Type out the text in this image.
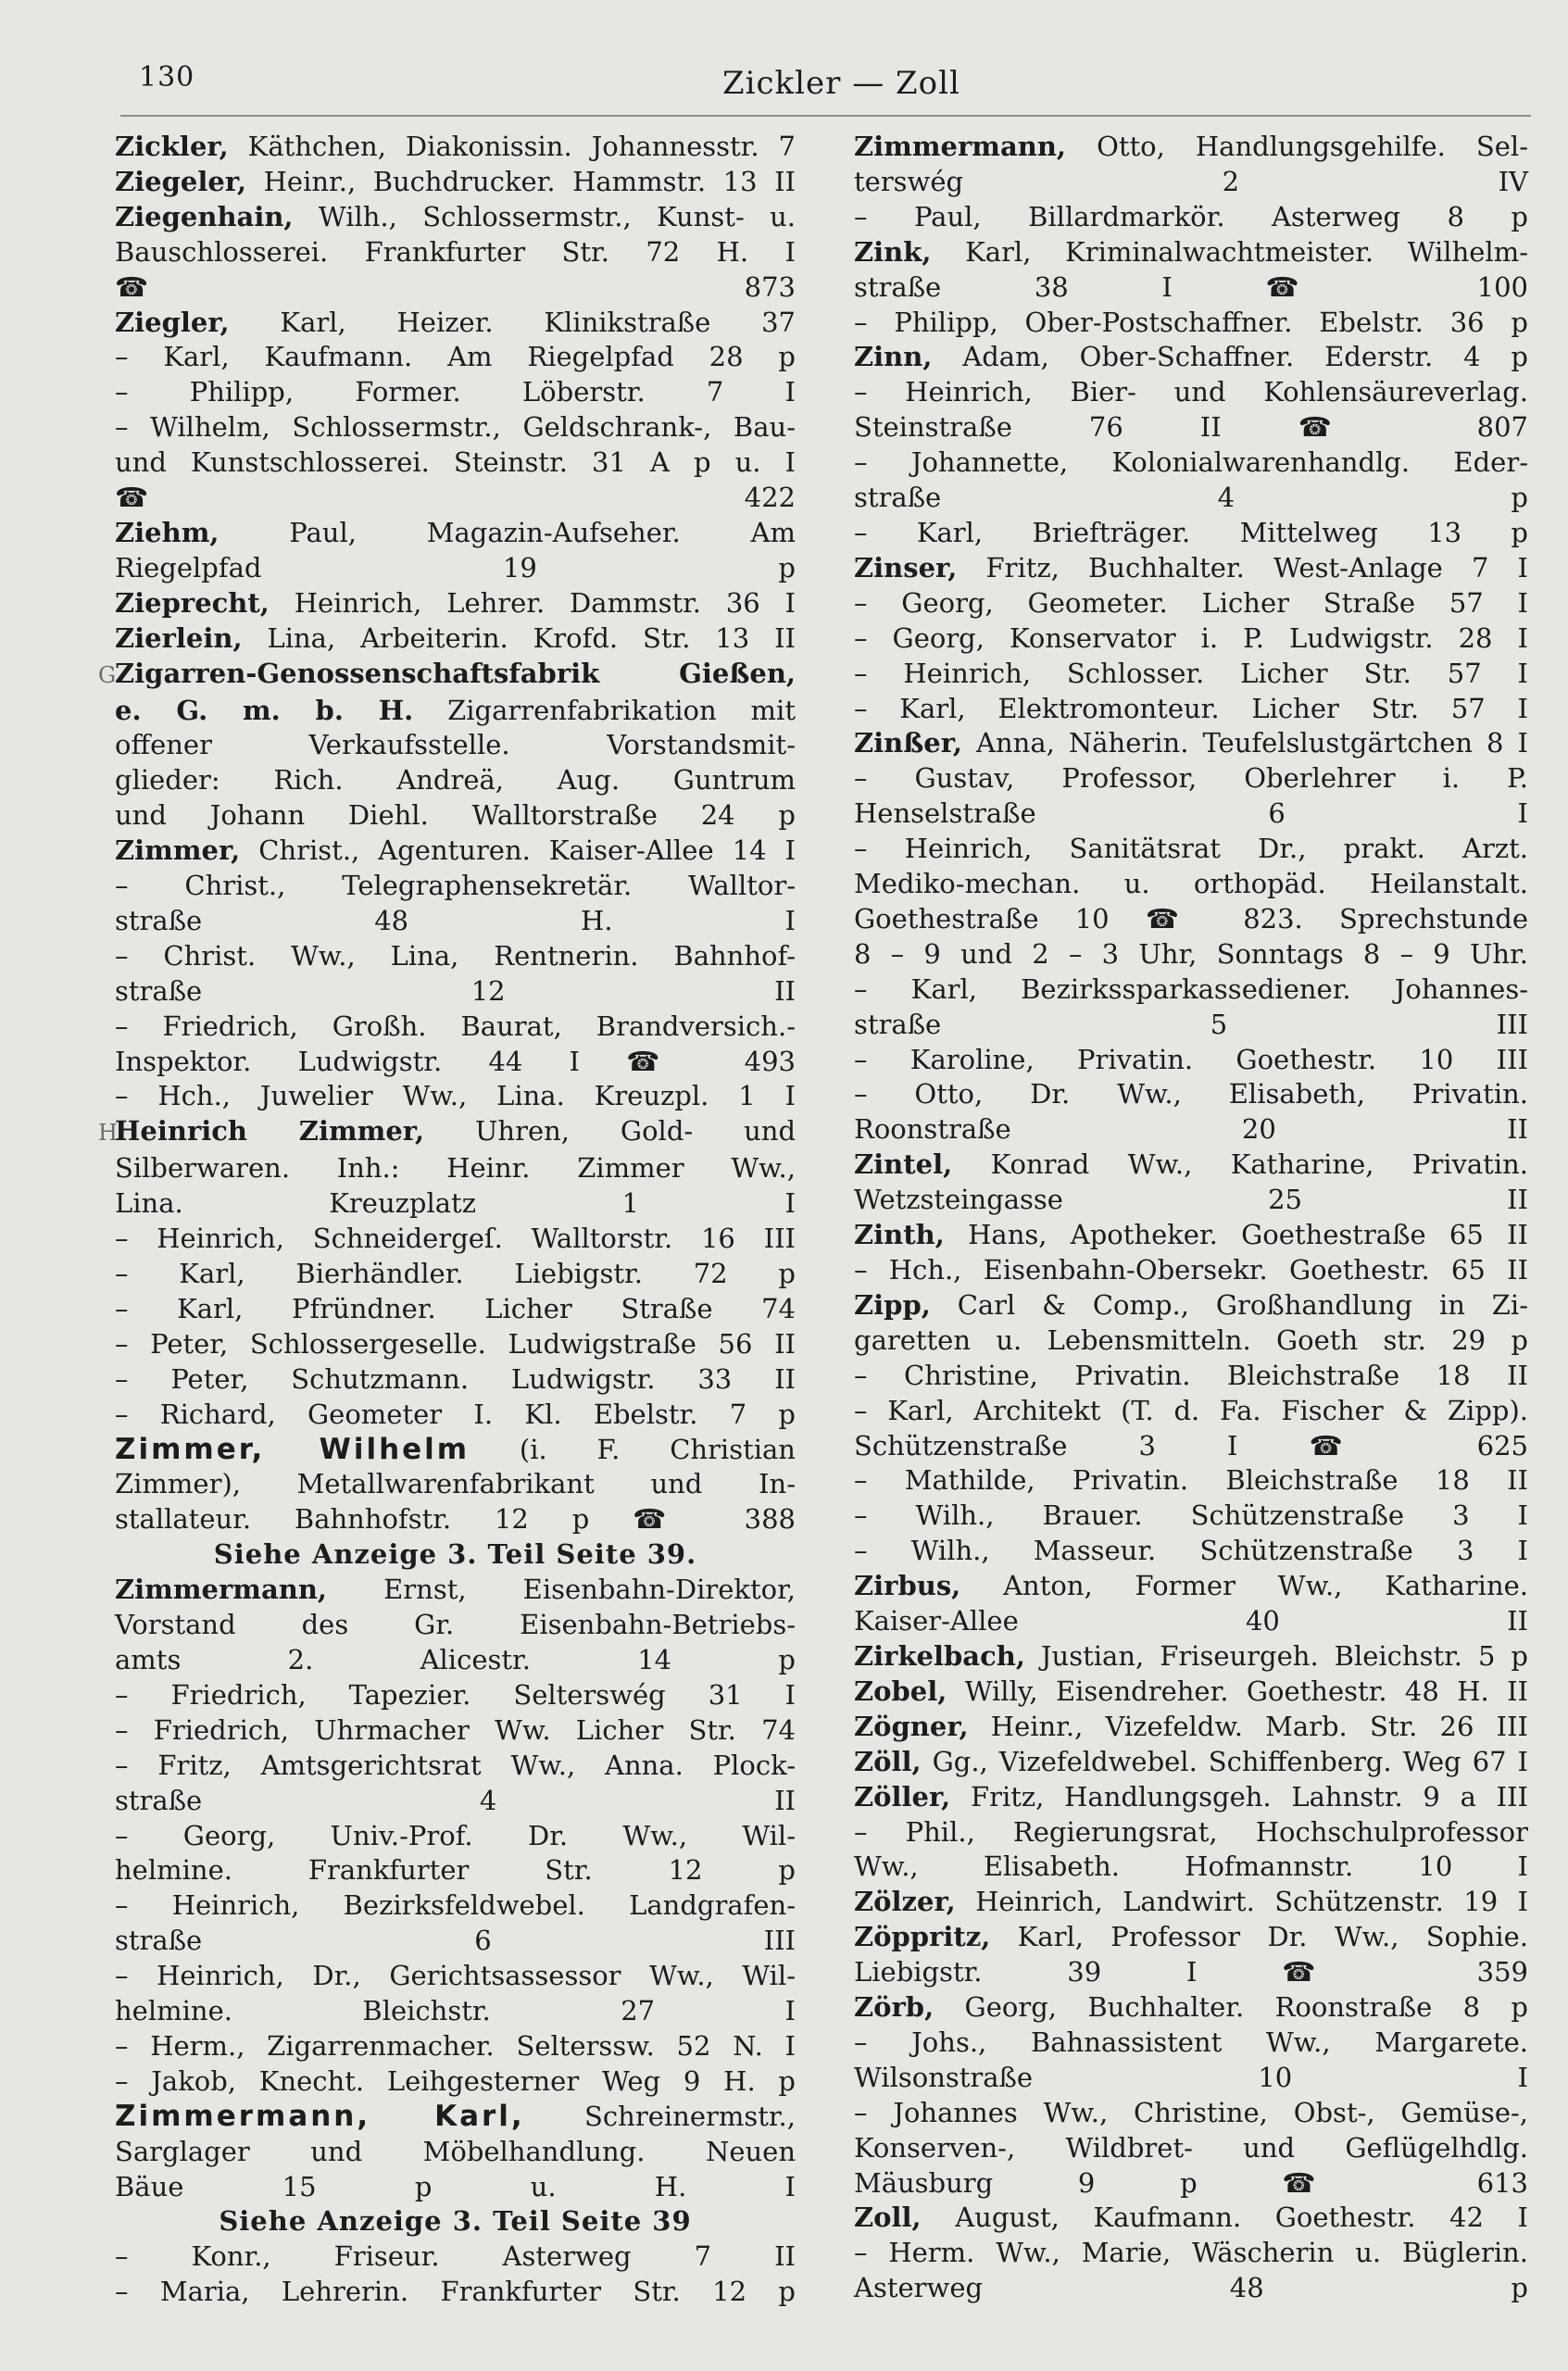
130	Zickler — Zoll
Zickler, Käthchen, Diakonissin. Johannesstr. 7
Ziegeler, Heinr., Buchdrucker. Hammstr. 13 II
Ziegenhain, Wilh., Schlossermstr., Kunst- u.
Bauschlosserei. Frankfurter Str. 72 H. I
☎ 873
Ziegler, Karl, Heizer. Klinikstraße 37
– Karl, Kaufmann. Am Riegelpfad 28 p
– Philipp, Former. Löberstr. 7 I
– Wilhelm, Schlossermstr., Geldschrank-, Bau-
und Kunstschlosserei. Steinstr. 31 A p u. I
☎ 422
Ziehm, Paul, Magazin-Aufseher. Am
Riegelpfad 19 p
Zieprecht, Heinrich, Lehrer. Dammstr. 36 I
Zierlein, Lina, Arbeiterin. Krofd. Str. 13 II
GZigarren-Genossenschaftsfabrik Gießen,
e. G. m. b. H. Zigarrenfabrikation mit
offener Verkaufsstelle. Vorstandsmit-
glieder: Rich. Andreä, Aug. Guntrum
und Johann Diehl. Walltorstraße 24 p
Zimmer, Christ., Agenturen. Kaiser-Allee 14 I
– Christ., Telegraphensekretär. Walltor-
straße 48 H. I
– Christ. Ww., Lina, Rentnerin. Bahnhof-
straße 12 II
– Friedrich, Großh. Baurat, Brandversich.-
Inspektor. Ludwigstr. 44 I ☎ 493
– Hch., Juwelier Ww., Lina. Kreuzpl. 1 I
HHeinrich Zimmer, Uhren, Gold- und
Silberwaren. Inh.: Heinr. Zimmer Ww.,
Lina. Kreuzplatz 1 I
– Heinrich, Schneidergeſ. Walltorstr. 16 III
– Karl, Bierhändler. Liebigstr. 72 p
– Karl, Pfründner. Licher Straße 74
– Peter, Schlossergeselle. Ludwigstraße 56 II
– Peter, Schutzmann. Ludwigstr. 33 II
– Richard, Geometer I. Kl. Ebelstr. 7 p
Zimmer, Wilhelm (i. F. Christian
Zimmer), Metallwarenfabrikant und In-
stallateur. Bahnhofstr. 12 p ☎ 388
Siehe Anzeige 3. Teil Seite 39.
Zimmermann, Ernst, Eisenbahn-Direktor,
Vorstand des Gr. Eisenbahn-Betriebs-
amts 2. Alicestr. 14 p
– Friedrich, Tapezier. Selterswég 31 I
– Friedrich, Uhrmacher Ww. Licher Str. 74
– Fritz, Amtsgerichtsrat Ww., Anna. Plock-
straße 4 II
– Georg, Univ.-Prof. Dr. Ww., Wil-
helmine. Frankfurter Str. 12 p
– Heinrich, Bezirksfeldwebel. Landgrafen-
straße 6 III
– Heinrich, Dr., Gerichtsassessor Ww., Wil-
helmine. Bleichstr. 27 I
– Herm., Zigarrenmacher. Selterssw. 52 N. I
– Jakob, Knecht. Leihgesterner Weg 9 H. p
Zimmermann, Karl, Schreinermstr.,
Sarglager und Möbelhandlung. Neuen
Bäue 15 p u. H. I
Siehe Anzeige 3. Teil Seite 39
– Konr., Friseur. Asterweg 7 II
– Maria, Lehrerin. Frankfurter Str. 12 p
Zimmermann, Otto, Handlungsgehilfe. Sel-
terswég 2 IV
– Paul, Billardmarkör. Asterweg 8 p
Zink, Karl, Kriminalwachtmeister. Wilhelm-
straße 38 I ☎ 100
– Philipp, Ober-Postschaffner. Ebelstr. 36 p
Zinn, Adam, Ober-Schaffner. Ederstr. 4 p
– Heinrich, Bier- und Kohlensäureverlag.
Steinstraße 76 II ☎ 807
– Johannette, Kolonialwarenhandlg. Eder-
straße 4 p
– Karl, Briefträger. Mittelweg 13 p
Zinser, Fritz, Buchhalter. West-Anlage 7 I
– Georg, Geometer. Licher Straße 57 I
– Georg, Konservator i. P. Ludwigstr. 28 I
– Heinrich, Schlosser. Licher Str. 57 I
– Karl, Elektromonteur. Licher Str. 57 I
Zinßer, Anna, Näherin. Teufelslustgärtchen 8 I
– Gustav, Professor, Oberlehrer i. P.
Henselstraße 6 I
– Heinrich, Sanitätsrat Dr., prakt. Arzt.
Mediko-mechan. u. orthopäd. Heilanstalt.
Goethestraße 10 ☎ 823. Sprechstunde
8 – 9 und 2 – 3 Uhr, Sonntags 8 – 9 Uhr.
– Karl, Bezirkssparkassediener. Johannes-
straße 5 III
– Karoline, Privatin. Goethestr. 10 III
– Otto, Dr. Ww., Elisabeth, Privatin.
Roonstraße 20 II
Zintel, Konrad Ww., Katharine, Privatin.
Wetzsteingasse 25 II
Zinth, Hans, Apotheker. Goethestraße 65 II
– Hch., Eisenbahn-Obersekr. Goethestr. 65 II
Zipp, Carl & Comp., Großhandlung in Zi-
garetten u. Lebensmitteln. Goeth str. 29 p
– Christine, Privatin. Bleichstraße 18 II
– Karl, Architekt (T. d. Fa. Fischer & Zipp).
Schützenstraße 3 I ☎ 625
– Mathilde, Privatin. Bleichstraße 18 II
– Wilh., Brauer. Schützenstraße 3 I
– Wilh., Masseur. Schützenstraße 3 I
Zirbus, Anton, Former Ww., Katharine.
Kaiser-Allee 40 II
Zirkelbach, Justian, Friseurgeh. Bleichstr. 5 p
Zobel, Willy, Eisendreher. Goethestr. 48 H. II
Zögner, Heinr., Vizefeldw. Marb. Str. 26 III
Zöll, Gg., Vizefeldwebel. Schiffenberg. Weg 67 I
Zöller, Fritz, Handlungsgeh. Lahnstr. 9 a III
– Phil., Regierungsrat, Hochschulprofessor
Ww., Elisabeth. Hofmannstr. 10 I
Zölzer, Heinrich, Landwirt. Schützenstr. 19 I
Zöppritz, Karl, Professor Dr. Ww., Sophie.
Liebigstr. 39 I ☎ 359
Zörb, Georg, Buchhalter. Roonstraße 8 p
– Johs., Bahnassistent Ww., Margarete.
Wilsonstraße 10 I
– Johannes Ww., Christine, Obst-, Gemüse-,
Konserven-, Wildbret- und Geflügelhdlg.
Mäusburg 9 p ☎ 613
Zoll, August, Kaufmann. Goethestr. 42 I
– Herm. Ww., Marie, Wäscherin u. Büglerin.
Asterweg 48 p
